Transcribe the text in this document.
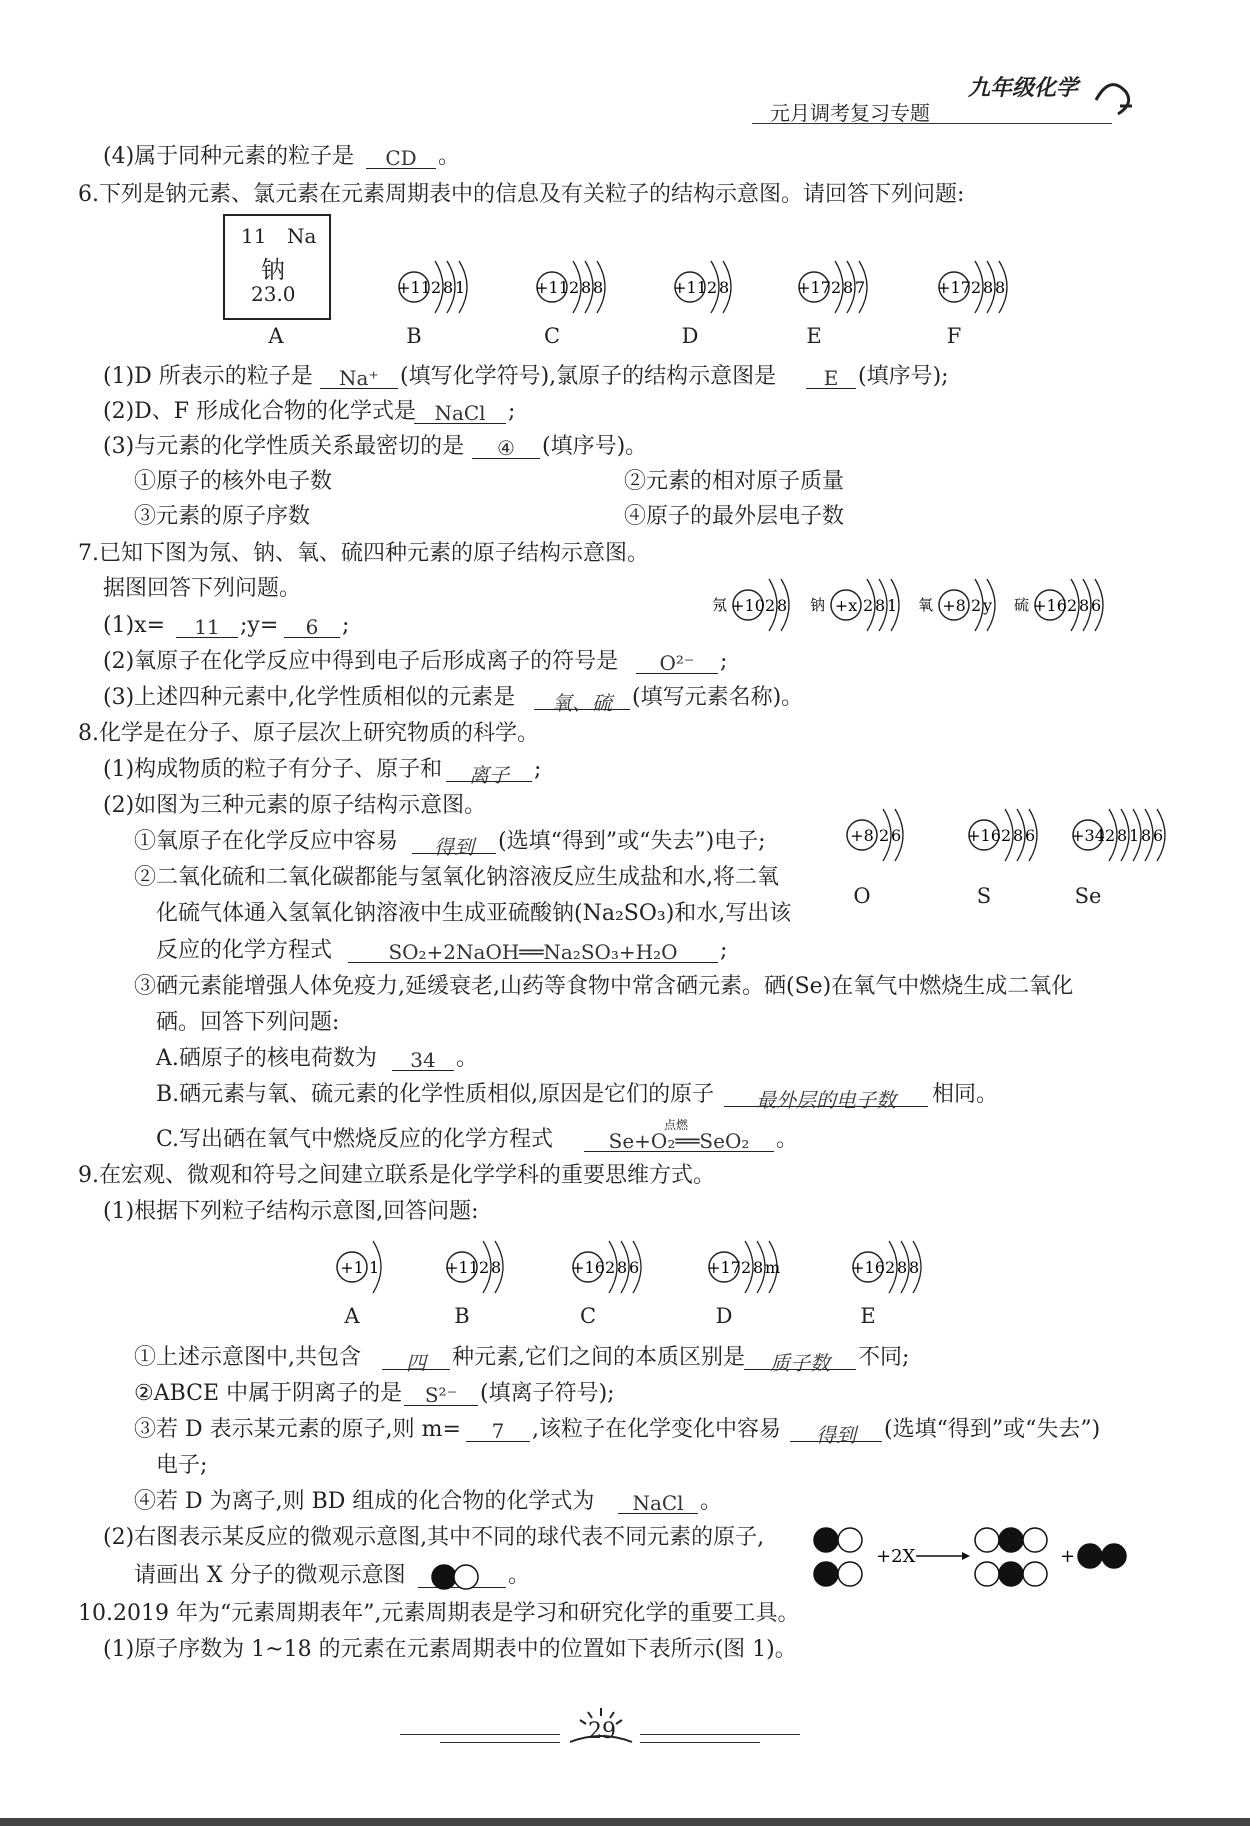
九年级化学
元月调考复习专题
(4)属于同种元素的粒子是	CD 。
6.下列是钠元素、氯元素在元素周期表中的信息及有关粒子的结构示意图。请回答下列问题:
11 Na
钠
23.0
A
+11 2 8 1
B
+11 2 8 8
C
+11 2 8
D
+17 2 8 7
E
+17 2 8 8
F
(1)D 所表示的粒子是	Na⁺ (填写化学符号),氯原子的结构示意图是	E (填序号);
(2)D、F 形成化合物的化学式是 NaCl	;
(3)与元素的化学性质关系最密切的是	④	(填序号)。
①原子的核外电子数	②元素的相对原子质量
③元素的原子序数	④原子的最外层电子数
7.已知下图为氖、钠、氧、硫四种元素的原子结构示意图。
据图回答下列问题。
氖 +10 2 8 钠 +x 2 8 1 氧 +8 2 y 硫 +16 2 8 6
(1)x=	11 ;y=	6	;
(2)氧原子在化学反应中得到电子后形成离子的符号是	O²⁻	;
(3)上述四种元素中,化学性质相似的元素是	氧、硫 (填写元素名称)。
8.化学是在分子、原子层次上研究物质的科学。
(1)构成物质的粒子有分子、原子和	离子	;
(2)如图为三种元素的原子结构示意图。
+8 2 6
O
+16 2 8 6
S
+34 2 8 1 8 6
Se
①氧原子在化学反应中容易	得到	(选填“得到”或“失去”)电子;
②二氧化硫和二氧化碳都能与氢氧化钠溶液反应生成盐和水,将二氧
化硫气体通入氢氧化钠溶液中生成亚硫酸钠(Na₂SO₃)和水,写出该
反应的化学方程式	SO₂+2NaOH══Na₂SO₃+H₂O	;
③硒元素能增强人体免疫力,延缓衰老,山药等食物中常含硒元素。硒(Se)在氧气中燃烧生成二氧化
硒。回答下列问题:
A.硒原子的核电荷数为	34 。
B.硒元素与氧、硫元素的化学性质相似,原因是它们的原子	最外层的电子数	相同。
C.写出硒在氧气中燃烧反应的化学方程式
点燃
Se+O₂══SeO₂	。
9.在宏观、微观和符号之间建立联系是化学学科的重要思维方式。
(1)根据下列粒子结构示意图,回答问题:
+1 1
A
+11 2 8
B
+16 2 8 6
C
+17 2 8 m
D
+16 2 8 8
E
①上述示意图中,共包含	四	种元素,它们之间的本质区别是	质子数	不同;
②ABCE 中属于阴离子的是	S²⁻	(填离子符号);
③若 D 表示某元素的原子,则 m=	7	,该粒子在化学变化中容易	得到	(选填“得到”或“失去”)
电子;
④若 D 为离子,则 BD 组成的化合物的化学式为	NaCl 。
(2)右图表示某反应的微观示意图,其中不同的球代表不同元素的原子,
请画出 X 分子的微观示意图	。
+2X	+
10.2019 年为“元素周期表年”,元素周期表是学习和研究化学的重要工具。
(1)原子序数为 1~18 的元素在元素周期表中的位置如下表所示(图 1)。
29
